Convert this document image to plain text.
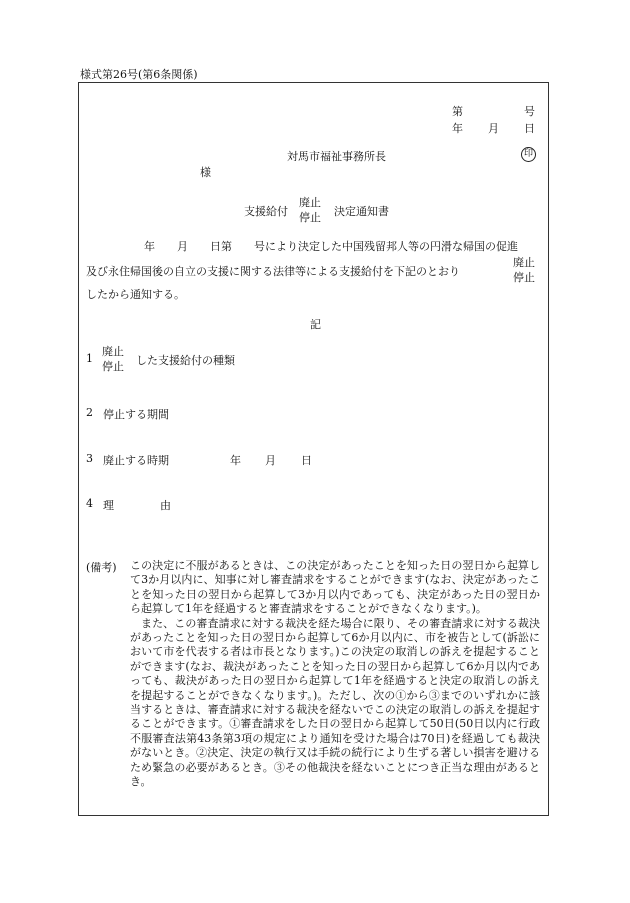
様式第26号(第6条関係)
第	号
年 月 日
対馬市福祉事務所長	印
様
支援給付
廃止
停止 決定通知書
年　　月　　日第　　号により決定した中国残留邦人等の円滑な帰国の促進
及び永住帰国後の自立の支援に関する法律等による支援給付を下記のとおり
廃止
停止
したから通知する。
記
1
廃止
停止 した支援給付の種類
2 停止する期間
3 廃止する時期	年 月 日
4 理	由
(備考) この決定に不服があるときは、この決定があったことを知った日の翌日から起算して3か月以内に、知事に対し審査請求をすることができます(なお、決定があったことを知った日の翌日から起算して3か月以内であっても、決定があった日の翌日から起算して1年を経過すると審査請求をすることができなくなります。)。

また、この審査請求に対する裁決を経た場合に限り、その審査請求に対する裁決があったことを知った日の翌日から起算して6か月以内に、市を被告として(訴訟において市を代表する者は市長となります。)この決定の取消しの訴えを提起することができます(なお、裁決があったことを知った日の翌日から起算して6か月以内であっても、裁決があった日の翌日から起算して1年を経過すると決定の取消しの訴えを提起することができなくなります。)。ただし、次の①から③までのいずれかに該当するときは、審査請求に対する裁決を経ないでこの決定の取消しの訴えを提起することができます。①審査請求をした日の翌日から起算して50日(50日以内に行政不服審査法第43条第3項の規定により通知を受けた場合は70日)を経過しても裁決がないとき。②決定、決定の執行又は手続の続行により生ずる著しい損害を避けるため緊急の必要があるとき。③その他裁決を経ないことにつき正当な理由があるとき。
